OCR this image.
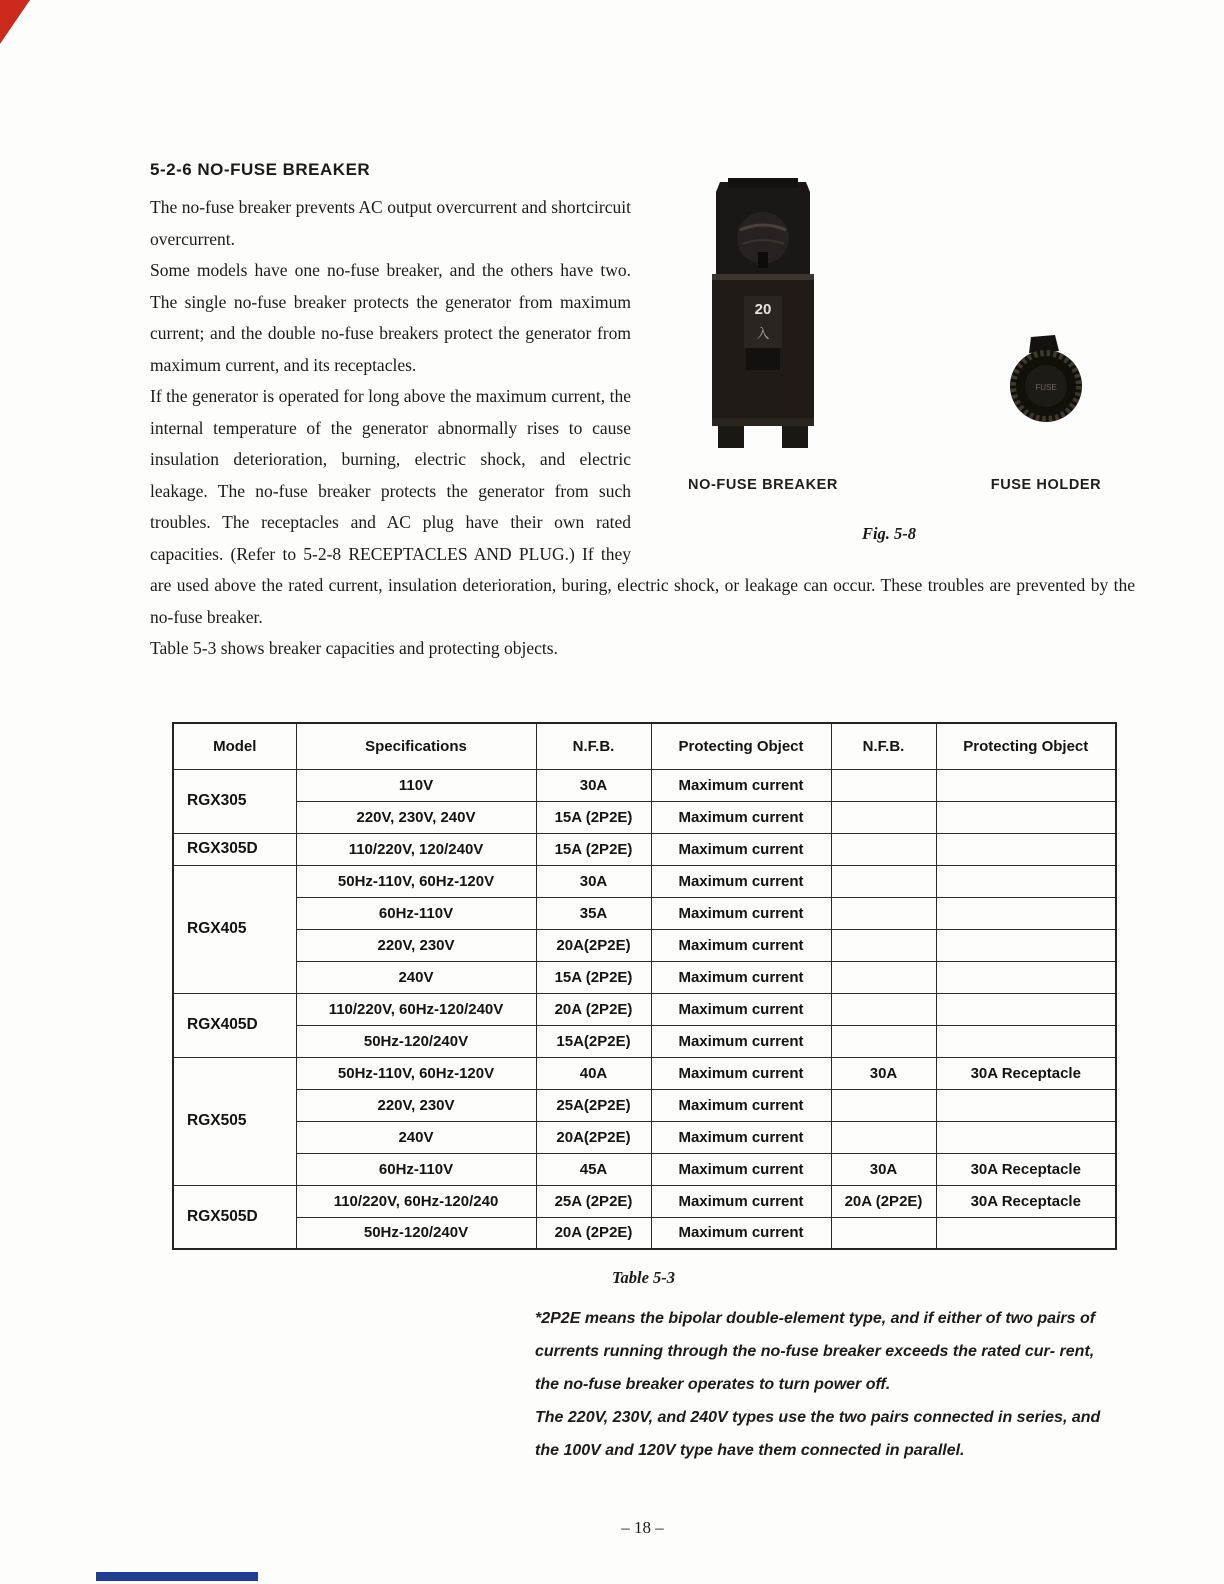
5-2-6 NO-FUSE BREAKER
20
入
FUSE
NO-FUSE BREAKER	FUSE HOLDER
Fig. 5-8

The no-fuse breaker prevents AC output overcurrent and shortcircuit overcurrent.

Some models have one no-fuse breaker, and the others have two. The single no-fuse breaker protects the generator from maximum current; and the double no-fuse breakers protect the generator from maximum current, and its receptacles.

If the generator is operated for long above the maximum current, the internal temperature of the generator abnormally rises to cause insulation deterioration, burning, electric shock, and electric leakage. The no-fuse breaker protects the generator from such troubles. The receptacles and AC plug have their own rated capacities. (Refer to 5-2-8 RECEPTACLES AND PLUG.) If they are used above the rated current, insulation deterioration, buring, electric shock, or leakage can occur. These troubles are prevented by the no-fuse breaker.

Table 5-3 shows breaker capacities and protecting objects.

Model	Specifications	N.F.B.	Protecting Object	N.F.B.	Protecting Object
RGX305	110V	30A	Maximum current		
	220V, 230V, 240V	15A (2P2E)	Maximum current		
RGX305D	110/220V, 120/240V	15A (2P2E)	Maximum current		
RGX405	50Hz-110V, 60Hz-120V	30A	Maximum current		
	60Hz-110V	35A	Maximum current		
	220V, 230V	20A(2P2E)	Maximum current		
	240V	15A (2P2E)	Maximum current		
RGX405D	110/220V, 60Hz-120/240V	20A (2P2E)	Maximum current		
	50Hz-120/240V	15A(2P2E)	Maximum current		
RGX505	50Hz-110V, 60Hz-120V	40A	Maximum current	30A	30A Receptacle
	220V, 230V	25A(2P2E)	Maximum current		
	240V	20A(2P2E)	Maximum current		
	60Hz-110V	45A	Maximum current	30A	30A Receptacle
RGX505D	110/220V, 60Hz-120/240	25A (2P2E)	Maximum current	20A (2P2E)	30A Receptacle
	50Hz-120/240V	20A (2P2E)	Maximum current		
Table 5-3

*2P2E means the bipolar double-element type, and if either of two pairs of currents running through the no-fuse breaker exceeds the rated cur- rent, the no-fuse breaker operates to turn power off.

The 220V, 230V, and 240V types use the two pairs connected in series, and the 100V and 120V type have them connected in parallel.

– 18 –
